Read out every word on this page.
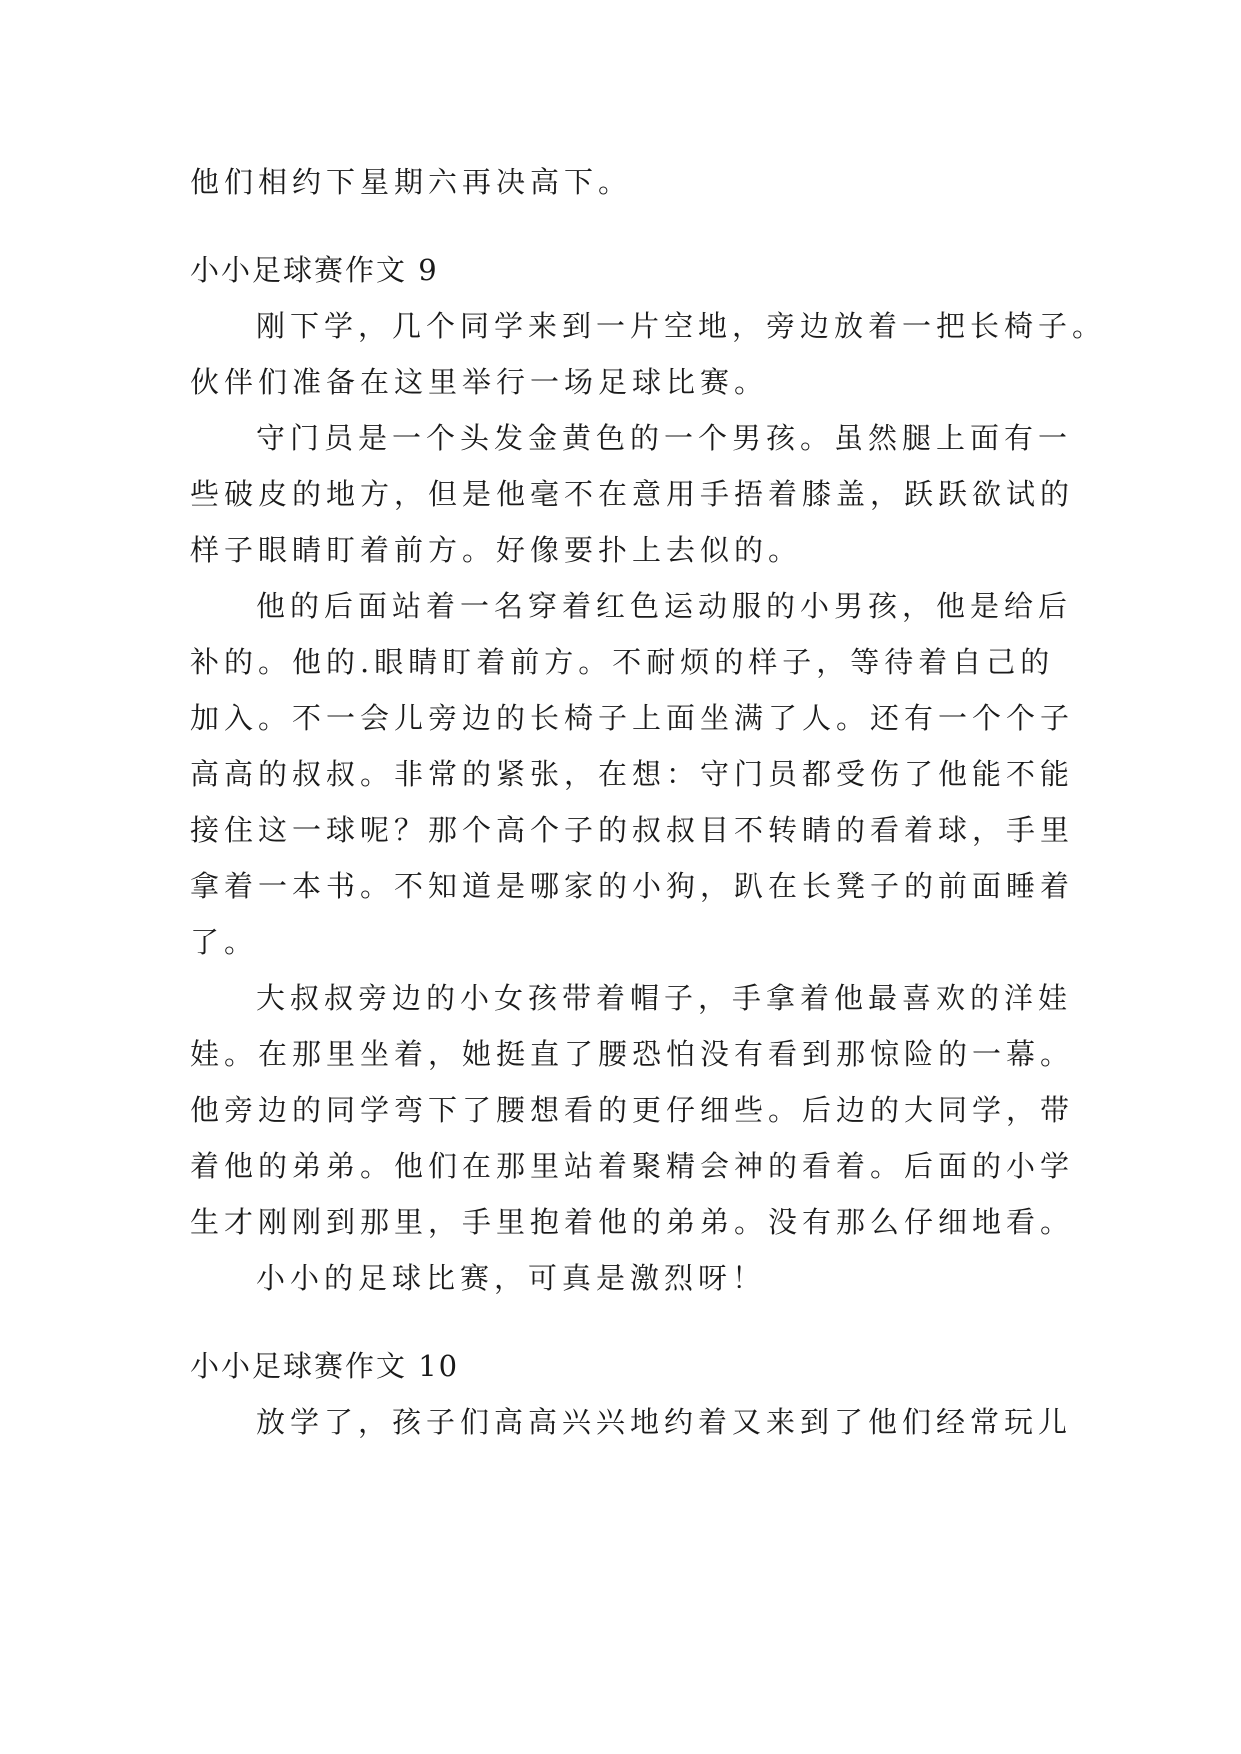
他们相约下星期六再决高下。
小小足球赛作文 9
刚下学，几个同学来到一片空地，旁边放着一把长椅子。
伙伴们准备在这里举行一场足球比赛。
守门员是一个头发金黄色的一个男孩。虽然腿上面有一
些破皮的地方，但是他毫不在意用手捂着膝盖，跃跃欲试的
样子眼睛盯着前方。好像要扑上去似的。
他的后面站着一名穿着红色运动服的小男孩，他是给后
补的。他的.眼睛盯着前方。不耐烦的样子，等待着自己的
加入。不一会儿旁边的长椅子上面坐满了人。还有一个个子
高高的叔叔。非常的紧张，在想：守门员都受伤了他能不能
接住这一球呢？那个高个子的叔叔目不转睛的看着球，手里
拿着一本书。不知道是哪家的小狗，趴在长凳子的前面睡着
了。
大叔叔旁边的小女孩带着帽子，手拿着他最喜欢的洋娃
娃。在那里坐着，她挺直了腰恐怕没有看到那惊险的一幕。
他旁边的同学弯下了腰想看的更仔细些。后边的大同学，带
着他的弟弟。他们在那里站着聚精会神的看着。后面的小学
生才刚刚到那里，手里抱着他的弟弟。没有那么仔细地看。
小小的足球比赛，可真是激烈呀！
小小足球赛作文 10
放学了，孩子们高高兴兴地约着又来到了他们经常玩儿
